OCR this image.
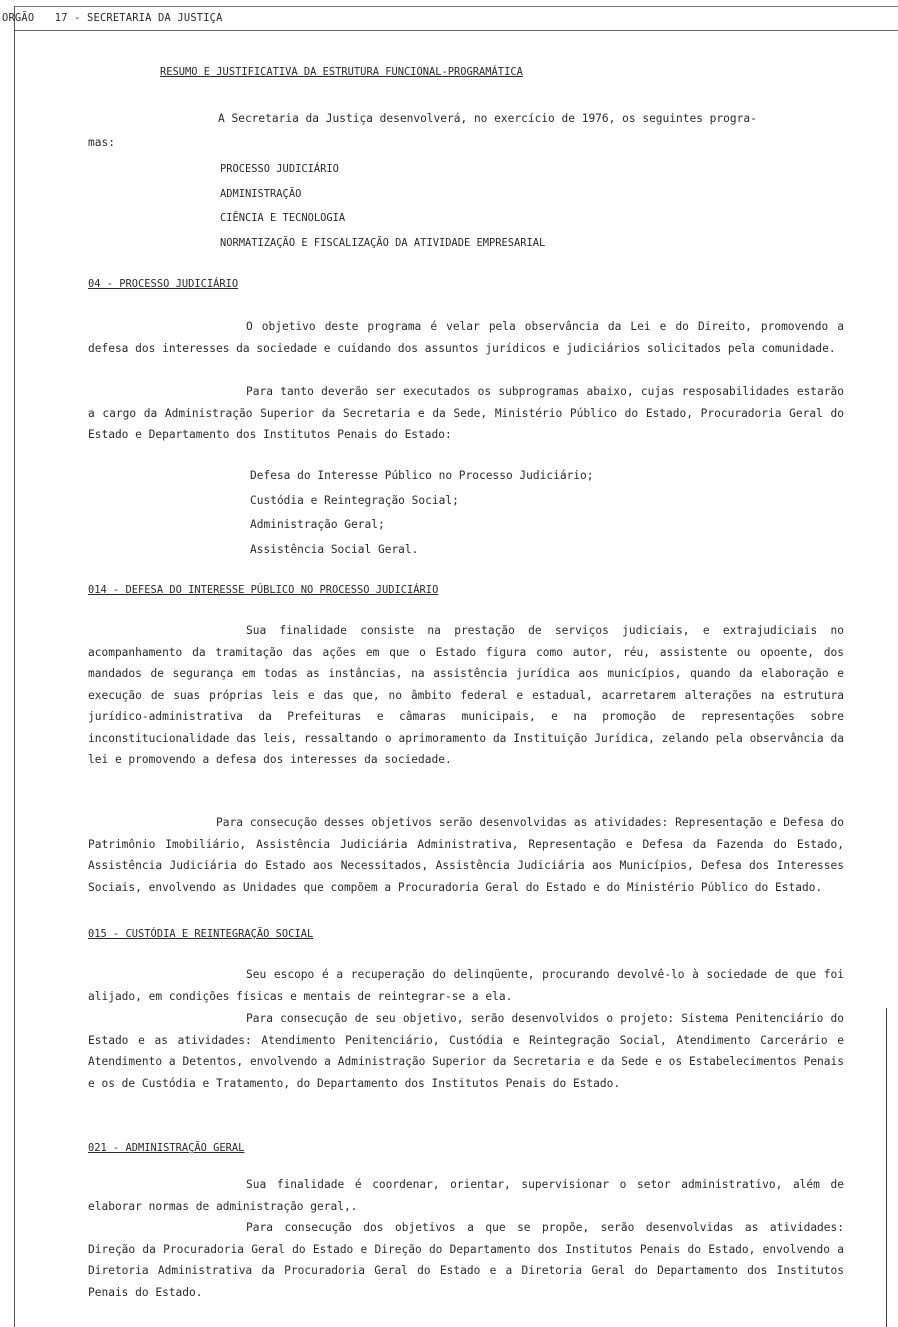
ORGÃO 17 - SECRETARIA DA JUSTIÇA
RESUMO E JUSTIFICATIVA DA ESTRUTURA FUNCIONAL-PROGRAMÁTICA
A Secretaria da Justiça desenvolverá, no exercício de 1976, os seguintes progra-
mas:
PROCESSO JUDICIÁRIO
ADMINISTRAÇÃO
CIÊNCIA E TECNOLOGIA
NORMATIZAÇÃO E FISCALIZAÇÃO DA ATIVIDADE EMPRESARIAL
04 - PROCESSO JUDICIÁRIO
O objetivo deste programa é velar pela observância da Lei e do Direito, promovendo a defesa dos interesses da sociedade e cuidando dos assuntos jurídicos e judiciários solicitados pela comunidade.
Para tanto deverão ser executados os subprogramas abaixo, cujas resposabilidades estarão a cargo da Administração Superior da Secretaria e da Sede, Ministério Público do Estado, Procuradoria Geral do Estado e Departamento dos Institutos Penais do Estado:
Defesa do Interesse Público no Processo Judiciário;
Custódia e Reintegração Social;
Administração Geral;
Assistência Social Geral.
014 - DEFESA DO INTERESSE PÚBLICO NO PROCESSO JUDICIÁRIO
Sua finalidade consiste na prestação de serviços judiciais, e extrajudiciais no acompanhamento da tramitação das ações em que o Estado figura como autor, réu, assistente ou opoente, dos mandados de segurança em todas as instâncias, na assistência jurídica aos municípios, quando da elaboração e execução de suas próprias leis e das que, no âmbito federal e estadual, acarretarem alterações na estrutura jurídico-administrativa da Prefeituras e câmaras municipais, e na promoção de representações sobre inconstitucionalidade das leis, ressaltando o aprimoramento da Instituição Jurídica, zelando pela observância da lei e promovendo a defesa dos interesses da sociedade.
Para consecução desses objetivos serão desenvolvidas as atividades: Representação e Defesa do Patrimônio Imobiliário, Assistência Judiciária Administrativa, Representação e Defesa da Fazenda do Estado, Assistência Judiciária do Estado aos Necessitados, Assistência Judiciária aos Municípios, Defesa dos Interesses Sociais, envolvendo as Unidades que compõem a Procuradoria Geral do Estado e do Ministério Público do Estado.
015 - CUSTÓDIA E REINTEGRAÇÃO SOCIAL
Seu escopo é a recuperação do delinqüente, procurando devolvê-lo à sociedade de que foi alijado, em condições físicas e mentais de reintegrar-se a ela.
Para consecução de seu objetivo, serão desenvolvidos o projeto: Sistema Penitenciário do Estado e as atividades: Atendimento Penitenciário, Custódia e Reintegração Social, Atendimento Carcerário e Atendimento a Detentos, envolvendo a Administração Superior da Secretaria e da Sede e os Estabelecimentos Penais e os de Custódia e Tratamento, do Departamento dos Institutos Penais do Estado.
021 - ADMINISTRAÇÃO GERAL
Sua finalidade é coordenar, orientar, supervisionar o setor administrativo, além de elaborar normas de administração geral,.
Para consecução dos objetivos a que se propõe, serão desenvolvidas as atividades: Direção da Procuradoria Geral do Estado e Direção do Departamento dos Institutos Penais do Estado, envolvendo a Diretoria Administrativa da Procuradoria Geral do Estado e a Diretoria Geral do Departamento dos Institutos Penais do Estado.
